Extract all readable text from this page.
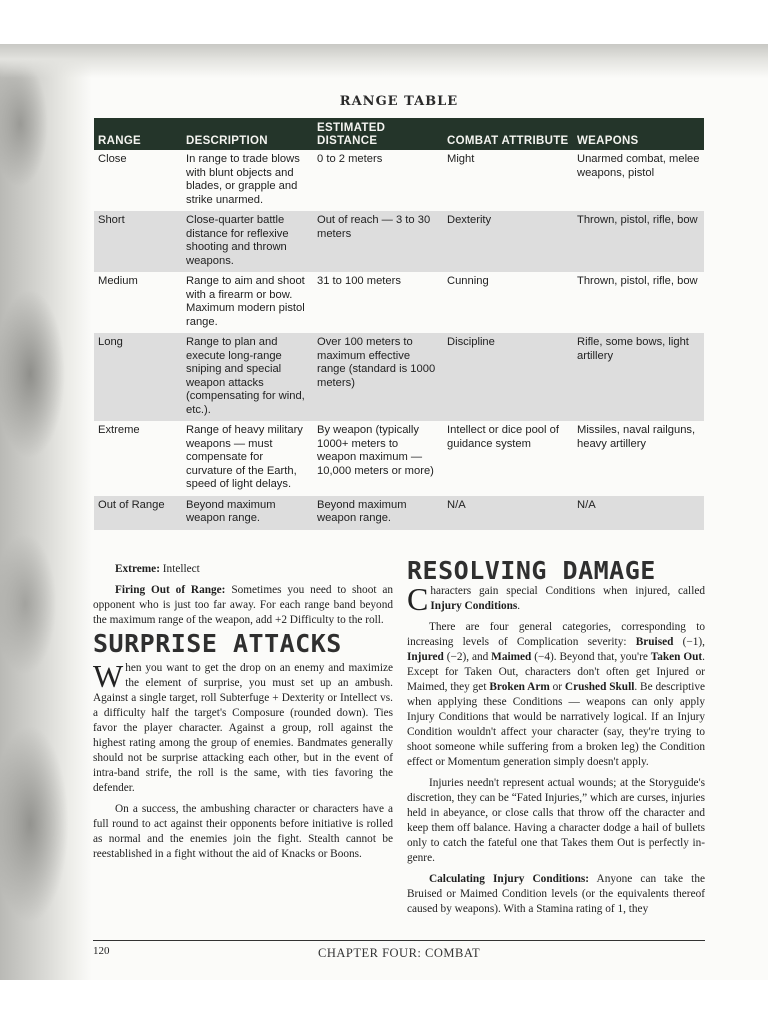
RANGE TABLE
RANGE	DESCRIPTION	ESTIMATED DISTANCE	COMBAT ATTRIBUTE	WEAPONS
Close	In range to trade blows with blunt objects and blades, or grapple and strike unarmed.	0 to 2 meters	Might	Unarmed combat, melee weapons, pistol
Short	Close-quarter battle distance for reflexive shooting and thrown weapons.	Out of reach — 3 to 30 meters	Dexterity	Thrown, pistol, rifle, bow
Medium	Range to aim and shoot with a firearm or bow. Maximum modern pistol range.	31 to 100 meters	Cunning	Thrown, pistol, rifle, bow
Long	Range to plan and execute long-range sniping and special weapon attacks (compensating for wind, etc.).	Over 100 meters to maximum effective range (standard is 1000 meters)	Discipline	Rifle, some bows, light artillery
Extreme	Range of heavy military weapons — must compensate for curvature of the Earth, speed of light delays.	By weapon (typically 1000+ meters to weapon maximum — 10,000 meters or more)	Intellect or dice pool of guidance system	Missiles, naval railguns, heavy artillery
Out of Range	Beyond maximum weapon range.	Beyond maximum weapon range.	N/A	N/A

Extreme: Intellect

Firing Out of Range: Sometimes you need to shoot an opponent who is just too far away. For each range band beyond the maximum range of the weapon, add +2 Difficulty to the roll.

SURPRISE ATTACKS

When you want to get the drop on an enemy and maximize the element of surprise, you must set up an ambush. Against a single target, roll Subterfuge + Dexterity or Intellect vs. a difficulty half the target's Composure (rounded down). Ties favor the player character. Against a group, roll against the highest rating among the group of enemies. Bandmates generally should not be surprise attacking each other, but in the event of intra-band strife, the roll is the same, with ties favoring the defender.

On a success, the ambushing character or characters have a full round to act against their opponents before initiative is rolled as normal and the enemies join the fight. Stealth cannot be reestablished in a fight without the aid of Knacks or Boons.

RESOLVING DAMAGE

Characters gain special Conditions when injured, called Injury Conditions.

There are four general categories, corresponding to increasing levels of Complication severity: Bruised (−1), Injured (−2), and Maimed (−4). Beyond that, you're Taken Out. Except for Taken Out, characters don't often get Injured or Maimed, they get Broken Arm or Crushed Skull. Be descriptive when applying these Conditions — weapons can only apply Injury Conditions that would be narratively logical. If an Injury Condition wouldn't affect your character (say, they're trying to shoot someone while suffering from a broken leg) the Condition effect or Momentum generation simply doesn't apply.

Injuries needn't represent actual wounds; at the Storyguide's discretion, they can be “Fated Injuries,” which are curses, injuries held in abeyance, or close calls that throw off the character and keep them off balance. Having a character dodge a hail of bullets only to catch the fateful one that Takes them Out is perfectly in-genre.

Calculating Injury Conditions: Anyone can take the Bruised or Maimed Condition levels (or the equivalents thereof caused by weapons). With a Stamina rating of 1, they

120	CHAPTER FOUR: COMBAT
